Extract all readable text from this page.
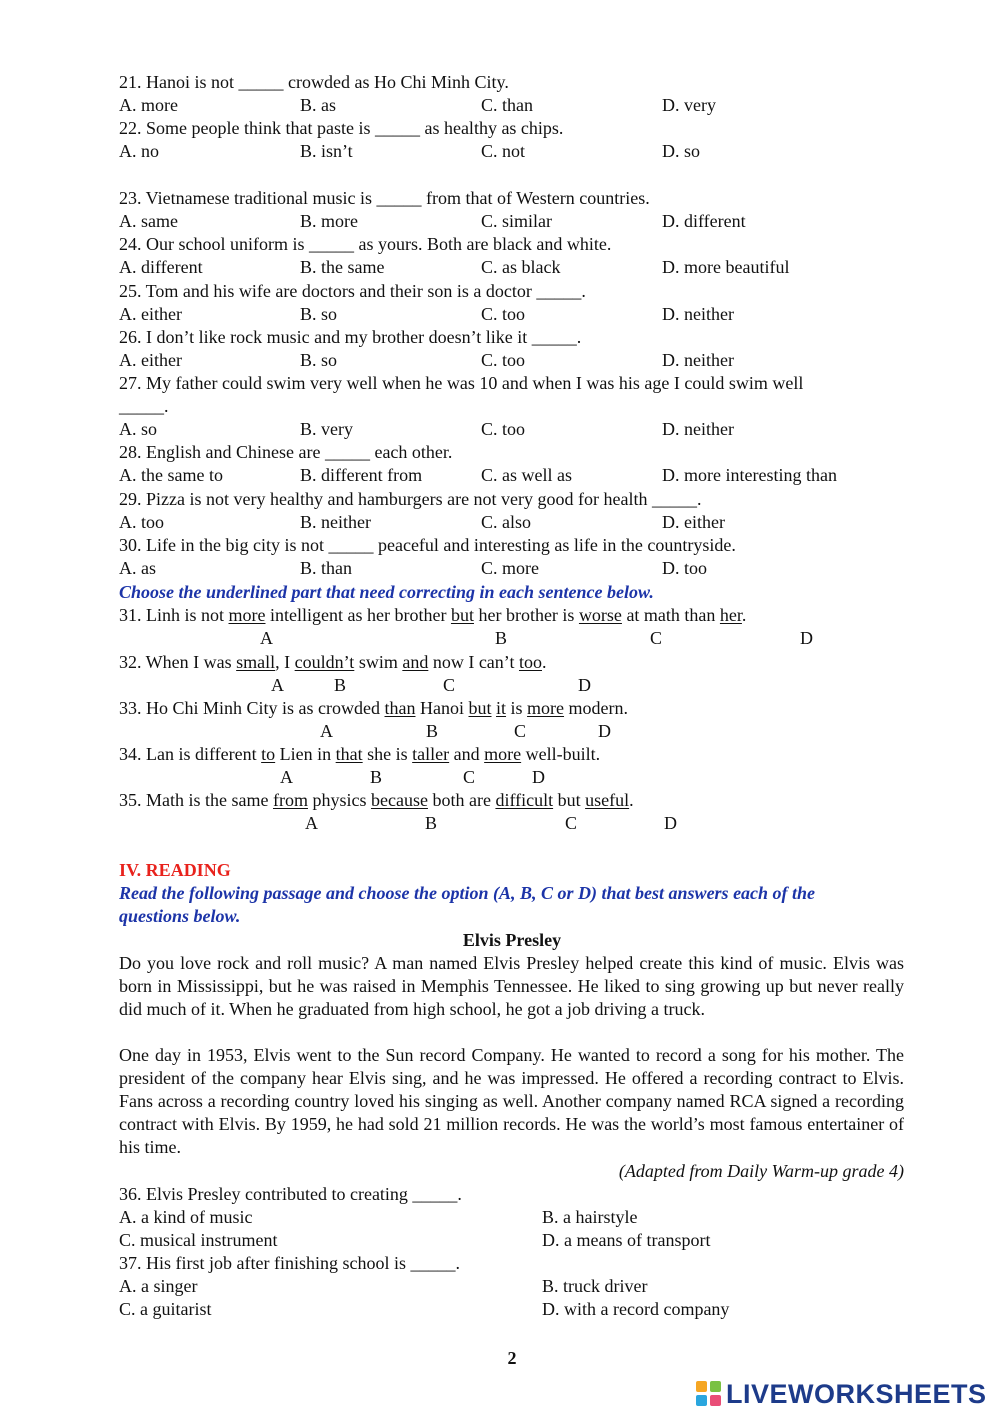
21. Hanoi is not _____ crowded as Ho Chi Minh City.
A. more	B. as	C. than	D. very
22. Some people think that paste is _____ as healthy as chips.
A. no	B. isn’t	C. not	D. so
23. Vietnamese traditional music is _____ from that of Western countries.
A. same	B. more	C. similar	D. different
24. Our school uniform is _____ as yours. Both are black and white.
A. different	B. the same	C. as black	D. more beautiful
25. Tom and his wife are doctors and their son is a doctor _____.
A. either	B. so	C. too	D. neither
26. I don’t like rock music and my brother doesn’t like it _____.
A. either	B. so	C. too	D. neither
27. My father could swim very well when he was 10 and when I was his age I could swim well
_____.
A. so	B. very	C. too	D. neither
28. English and Chinese are _____ each other.
A. the same to	B. different from	C. as well as	D. more interesting than
29. Pizza is not very healthy and hamburgers are not very good for health _____.
A. too	B. neither	C. also	D. either
30. Life in the big city is not _____ peaceful and interesting as life in the countryside.
A. as	B. than	C. more	D. too
Choose the underlined part that need correcting in each sentence below.
31. Linh is not more intelligent as her brother but her brother is worse at math than her.
A	B	C	D
32. When I was small, I couldn’t swim and now I can’t too.
A	B	C	D
33. Ho Chi Minh City is as crowded than Hanoi but it is more modern.
A	B	C	D
34. Lan is different to Lien in that she is taller and more well-built.
A	B	C	D
35. Math is the same from physics because both are difficult but useful.
A	B	C	D
IV. READING
Read the following passage and choose the option (A, B, C or D) that best answers each of the
questions below.
Elvis Presley
Do you love rock and roll music? A man named Elvis Presley helped create this kind of music. Elvis was born in Mississippi, but he was raised in Memphis Tennessee. He liked to sing growing up but never really did much of it. When he graduated from high school, he got a job driving a truck.
One day in 1953, Elvis went to the Sun record Company. He wanted to record a song for his mother. The president of the company hear Elvis sing, and he was impressed. He offered a recording contract to Elvis. Fans across a recording country loved his singing as well. Another company named RCA signed a recording contract with Elvis. By 1959, he had sold 21 million records. He was the world’s most famous entertainer of his time.
(Adapted from Daily Warm-up grade 4)
36. Elvis Presley contributed to creating _____.
A. a kind of music	B. a hairstyle
C. musical instrument	D. a means of transport
37. His first job after finishing school is _____.
A. a singer	B. truck driver
C. a guitarist	D. with a record company
2
LIVEWORKSHEETS
